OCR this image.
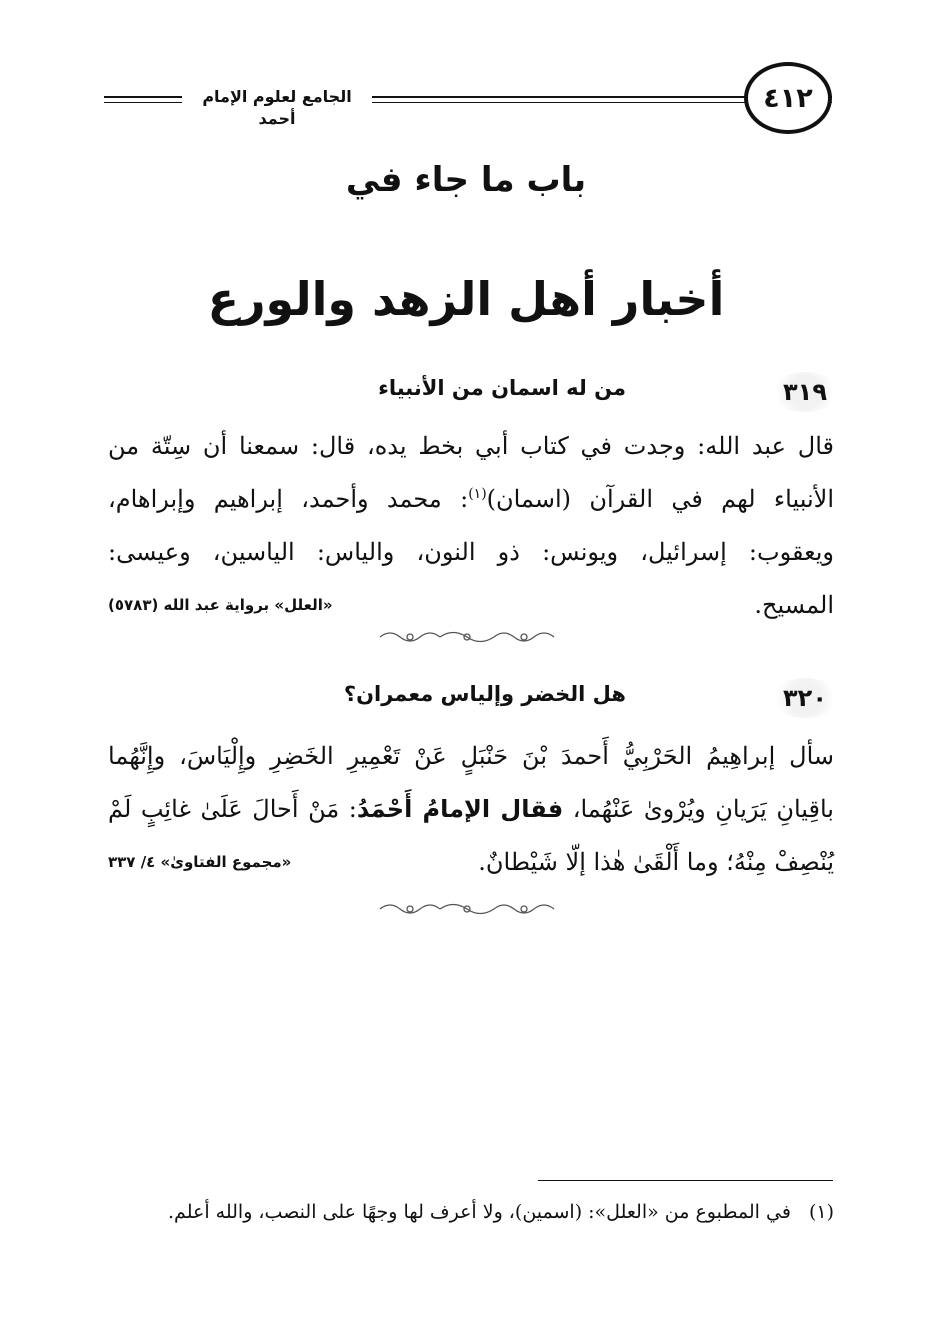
الجامع لعلوم الإمام أحمد
٤١٢
باب ما جاء في
أخبار أهل الزهد والورع
٣١٩
من له اسمان من الأنبياء
قال عبد الله: وجدت في كتاب أبي بخط يده، قال: سمعنا أن سِتّة من
الأنبياء لهم في القرآن (اسمان)$^{(١)}$: محمد وأحمد، إبراهيم وإبراهام،
ويعقوب: إسرائيل، ويونس: ذو النون، والياس: الياسين، وعيسى:
المسيح.
«العلل» برواية عبد الله (٥٧٨٣)
٣٢٠
هل الخضر وإلياس معمران؟
سأل إبراهِيمُ الحَرْبِيُّ أَحمدَ بْنَ حَنْبَلٍ عَنْ تَعْمِيرِ الخَضِرِ وإِلْيَاسَ، وإِنَّهُما
باقِيانِ يَرَيانِ ويُرْوىٰ عَنْهُما، فقال الإمامُ أَحْمَدُ: مَنْ أَحالَ عَلَىٰ غائِبٍ لَمْ
يُنْصِفْ مِنْهُ؛ وما أَلْقَىٰ هٰذا إلّا شَيْطانٌ.
«مجموع الفتاوىٰ» ٤/ ٣٣٧
(١)في المطبوع من «العلل»: (اسمين)، ولا أعرف لها وجهًا على النصب، والله أعلم.
